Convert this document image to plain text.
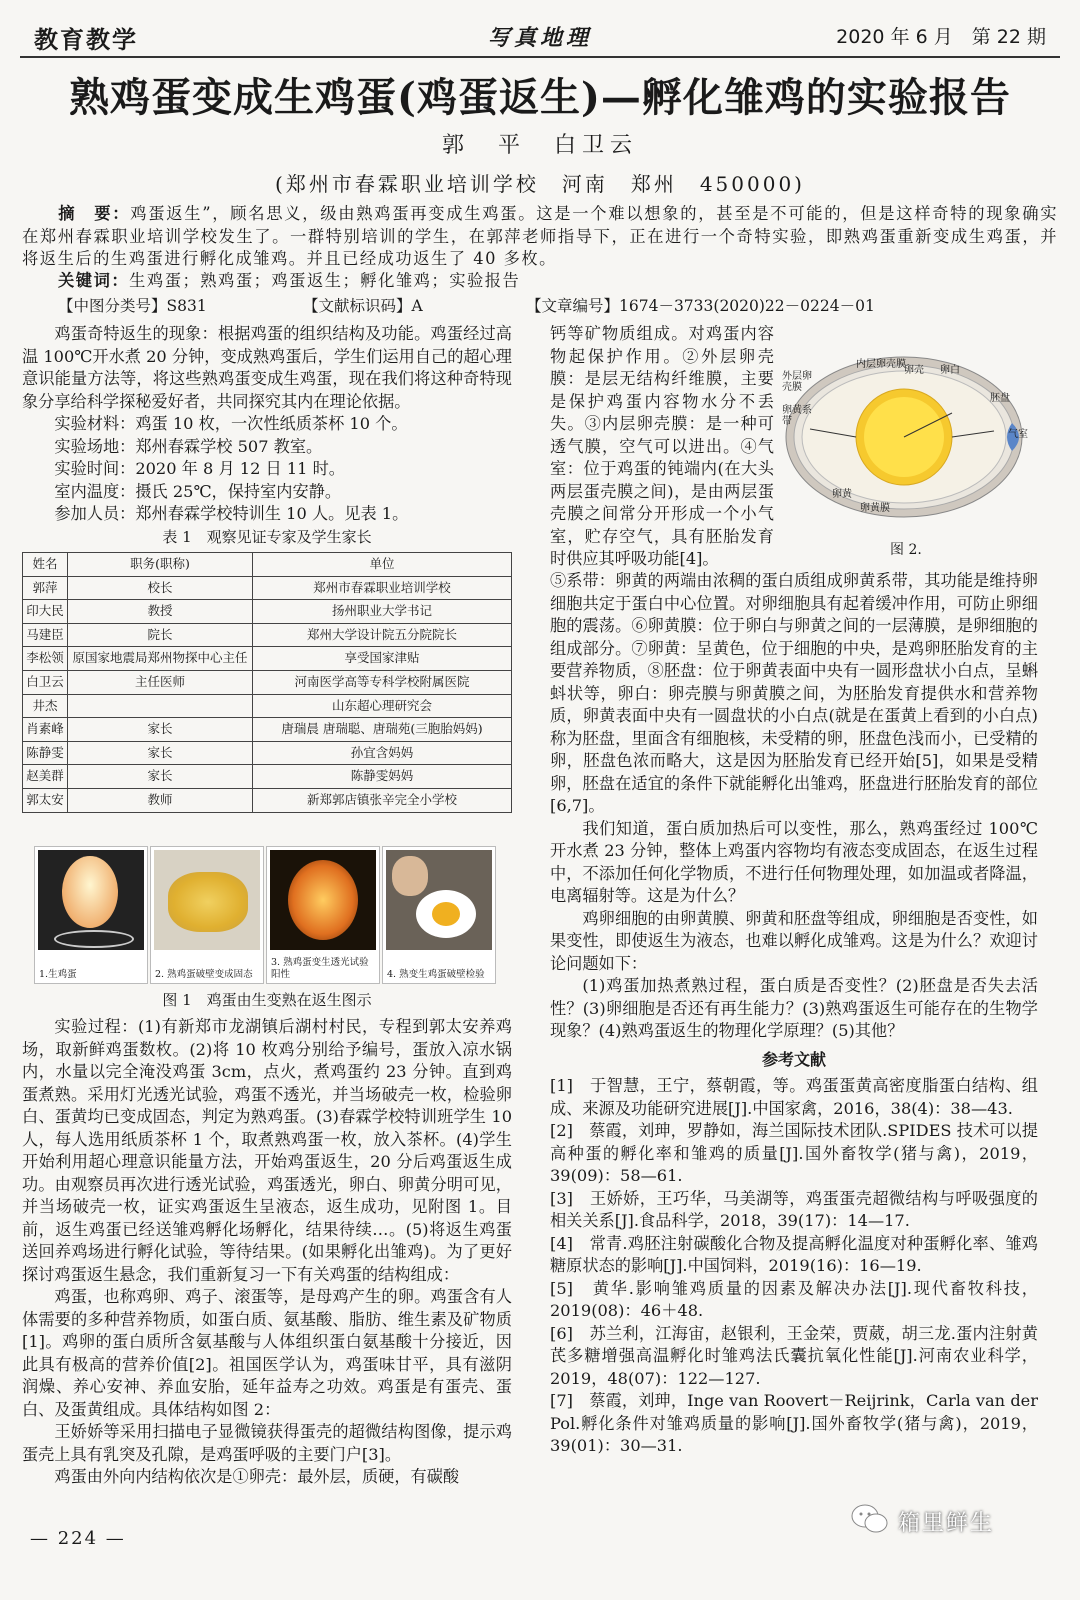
教育教学	写真地理	2020 年 6 月　第 22 期
熟鸡蛋变成生鸡蛋(鸡蛋返生)—孵化雏鸡的实验报告
郭　平　白卫云
(郑州市春霖职业培训学校　河南　郑州　450000)
摘　要：鸡蛋返生”，顾名思义，级由熟鸡蛋再变成生鸡蛋。这是一个难以想象的，甚至是不可能的，但是这样奇特的现象确实在郑州春霖职业培训学校发生了。一群特别培训的学生，在郭萍老师指导下，正在进行一个奇特实验，即熟鸡蛋重新变成生鸡蛋，并将返生后的生鸡蛋进行孵化成雏鸡。并且已经成功返生了 40 多枚。
关键词：生鸡蛋；熟鸡蛋；鸡蛋返生；孵化雏鸡；实验报告
【中图分类号】S831	【文献标识码】A	【文章编号】1674－3733(2020)22－0224－01

鸡蛋奇特返生的现象：根据鸡蛋的组织结构及功能。鸡蛋经过高温 100℃开水煮 20 分钟，变成熟鸡蛋后，学生们运用自己的超心理意识能量方法等，将这些熟鸡蛋变成生鸡蛋，现在我们将这种奇特现象分享给科学探秘爱好者，共同探究其内在理论依据。

实验材料：鸡蛋 10 枚，一次性纸质茶杯 10 个。

实验场地：郑州春霖学校 507 教室。

实验时间：2020 年 8 月 12 日 11 时。

室内温度：摄氏 25℃，保持室内安静。

参加人员：郑州春霖学校特训生 10 人。见表 1。

表 1　观察见证专家及学生家长

姓名	职务(职称)	单位
郭萍	校长	郑州市春霖职业培训学校
印大民	教授	扬州职业大学书记
马建臣	院长	郑州大学设计院五分院院长
李松领	原国家地震局郑州物探中心主任	享受国家津贴
白卫云	主任医师	河南医学高等专科学校附属医院
井杰		山东超心理研究会
肖素峰	家长	唐瑞晨 唐瑞聪、唐瑞苑(三胞胎妈妈)
陈静雯	家长	孙宜含妈妈
赵美群	家长	陈静雯妈妈
郭太安	教师	新郑郭店镇张辛完全小学校
1.生鸡蛋	2. 熟鸡蛋破壁变成固态
3. 熟鸡蛋变生透光试验阳性	4. 熟变生鸡蛋破壁检验
图 1　鸡蛋由生变熟在返生图示

实验过程：(1)有新郑市龙湖镇后湖村村民，专程到郭太安养鸡场，取新鲜鸡蛋数枚。(2)将 10 枚鸡分别给予编号，蛋放入凉水锅内，水量以完全淹没鸡蛋 3cm，点火，煮鸡蛋约 23 分钟。直到鸡蛋煮熟。采用灯光透光试验，鸡蛋不透光，并当场破壳一枚，检验卵白、蛋黄均已变成固态，判定为熟鸡蛋。(3)春霖学校特训班学生 10 人，每人选用纸质茶杯 1 个，取煮熟鸡蛋一枚，放入茶杯。(4)学生开始利用超心理意识能量方法，开始鸡蛋返生，20 分后鸡蛋返生成功。由观察员再次进行透光试验，鸡蛋透光，卵白、卵黄分明可见，并当场破壳一枚，证实鸡蛋返生呈液态，返生成功，见附图 1。目前，返生鸡蛋已经送雏鸡孵化场孵化，结果待续…。(5)将返生鸡蛋送回养鸡场进行孵化试验，等待结果。(如果孵化出雏鸡)。为了更好探讨鸡蛋返生悬念，我们重新复习一下有关鸡蛋的结构组成：

鸡蛋，也称鸡卵、鸡子、滚蛋等，是母鸡产生的卵。鸡蛋含有人体需要的多种营养物质，如蛋白质、氨基酸、脂肪、维生素及矿物质[1]。鸡卵的蛋白质所含氨基酸与人体组织蛋白氨基酸十分接近，因此具有极高的营养价值[2]。祖国医学认为，鸡蛋味甘平，具有滋阴润燥、养心安神、养血安胎，延年益寿之功效。鸡蛋是有蛋壳、蛋白、及蛋黄组成。具体结构如图 2：

王娇娇等采用扫描电子显微镜获得蛋壳的超微结构图像，提示鸡蛋壳上具有乳突及孔隙，是鸡蛋呼吸的主要门户[3]。

鸡蛋由外向内结构依次是①卵壳：最外层，质硬，有碳酸

钙等矿物质组成。对鸡蛋内容物起保护作用。②外层卵壳膜：是层无结构纤维膜，主要是保护鸡蛋内容物水分不丢失。③内层卵壳膜：是一种可透气膜，空气可以进出。④气室：位于鸡蛋的钝端内(在大头两层蛋壳膜之间)，是由两层蛋壳膜之间常分开形成一个小气室，贮存空气，具有胚胎发育时供应其呼吸功能[4]。

内层卵壳膜
卵壳 卵白
外层卵壳膜
卵黄系带
胚盘
气室
卵黄
卵黄膜
图 2.

⑤系带：卵黄的两端由浓稠的蛋白质组成卵黄系带，其功能是维持卵细胞共定于蛋白中心位置。对卵细胞具有起着缓冲作用，可防止卵细胞的震荡。⑥卵黄膜：位于卵白与卵黄之间的一层薄膜，是卵细胞的组成部分。⑦卵黄：呈黄色，位于细胞的中央，是鸡卵胚胎发育的主要营养物质，⑧胚盘：位于卵黄表面中央有一圆形盘状小白点，呈蝌蚪状等，卵白：卵壳膜与卵黄膜之间，为胚胎发育提供水和营养物质，卵黄表面中央有一圆盘状的小白点(就是在蛋黄上看到的小白点)称为胚盘，里面含有细胞核，未受精的卵，胚盘色浅而小，已受精的卵，胚盘色浓而略大，这是因为胚胎发育已经开始[5]，如果是受精卵，胚盘在适宜的条件下就能孵化出雏鸡，胚盘进行胚胎发育的部位[6,7]。

我们知道，蛋白质加热后可以变性，那么，熟鸡蛋经过 100℃开水煮 23 分钟，整体上鸡蛋内容物均有液态变成固态，在返生过程中，不添加任何化学物质，不进行任何物理处理，如加温或者降温，电离辐射等。这是为什么？

鸡卵细胞的由卵黄膜、卵黄和胚盘等组成，卵细胞是否变性，如果变性，即使返生为液态，也难以孵化成雏鸡。这是为什么？欢迎讨论问题如下：

(1)鸡蛋加热煮熟过程，蛋白质是否变性？(2)胚盘是否失去活性？(3)卵细胞是否还有再生能力？(3)熟鸡蛋返生可能存在的生物学现象？(4)熟鸡蛋返生的物理化学原理？(5)其他？

参考文献

[1]　于智慧，王宁，蔡朝霞，等。鸡蛋蛋黄高密度脂蛋白结构、组成、来源及功能研究进展[J].中国家禽，2016，38(4)：38—43.

[2]　蔡霞，刘珅，罗静如，海兰国际技术团队.SPIDES 技术可以提高种蛋的孵化率和雏鸡的质量[J].国外畜牧学(猪与禽)，2019，39(09)：58—61.

[3]　王娇娇，王巧华，马美湖等，鸡蛋蛋壳超微结构与呼吸强度的相关关系[J].食品科学，2018，39(17)：14—17.

[4]　常青.鸡胚注射碳酸化合物及提高孵化温度对种蛋孵化率、雏鸡糖原状态的影响[J].中国饲料，2019(16)：16—19.

[5]　黄华.影响雏鸡质量的因素及解决办法[J].现代畜牧科技，2019(08)：46＋48.

[6]　苏兰利，江海宙，赵银利，王金荣，贾葳，胡三龙.蛋内注射黄芪多糖增强高温孵化时雏鸡法氏囊抗氧化性能[J].河南农业科学，2019，48(07)：122—127.

[7]　蔡霞，刘珅，Inge van Roovert－Reijrink，Carla van der Pol.孵化条件对雏鸡质量的影响[J].国外畜牧学(猪与禽)，2019，39(01)：30—31.

— 224 —
箱里鲜生
